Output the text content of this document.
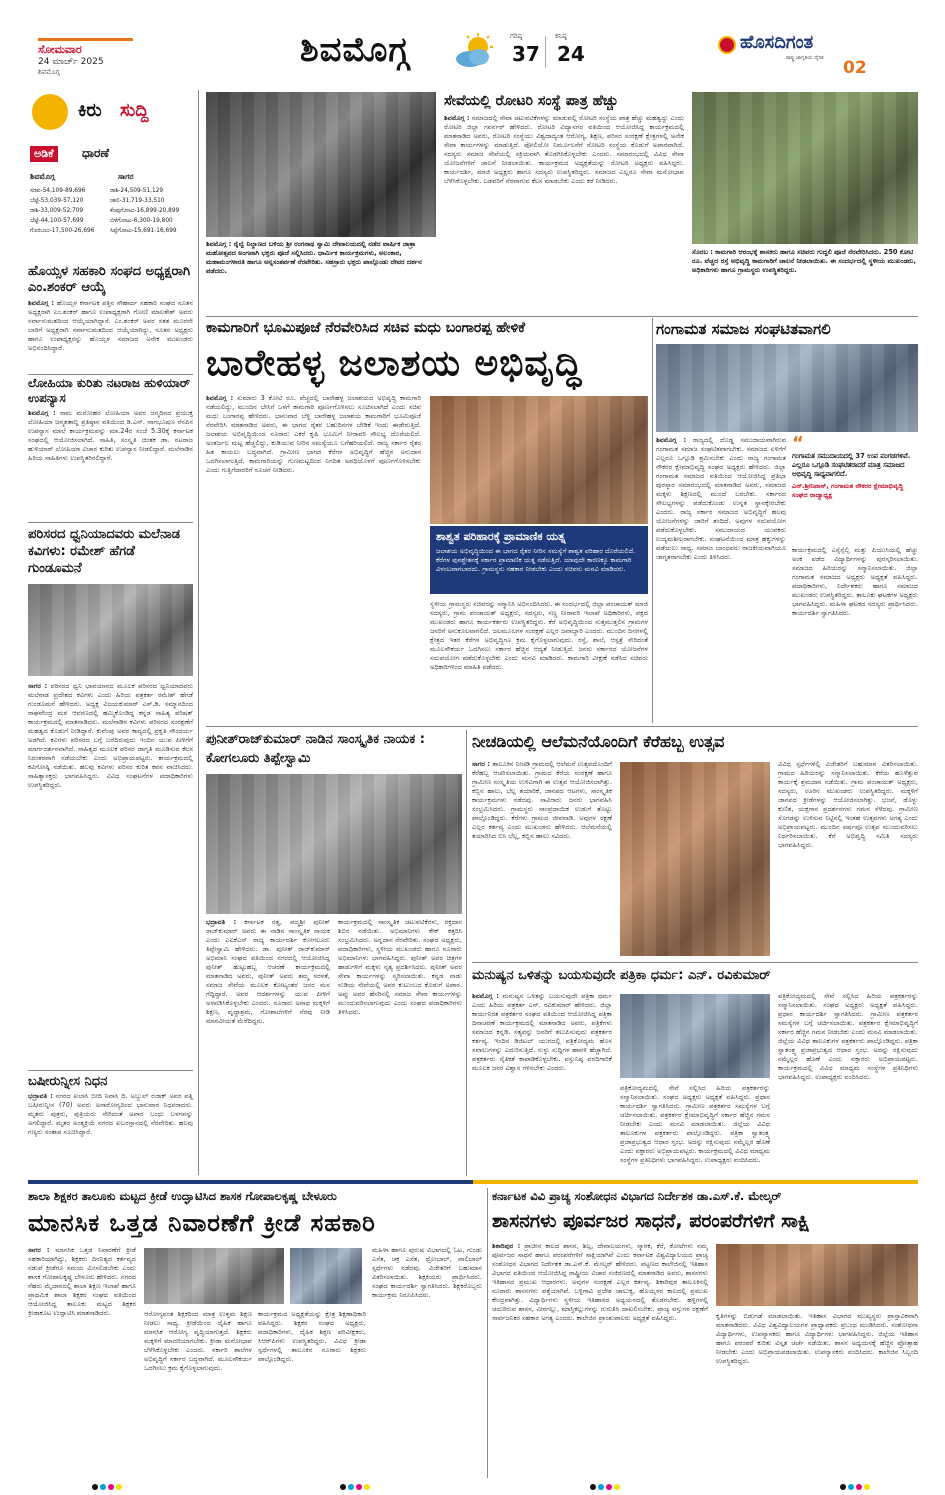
ಸೋಮವಾರ
24 ಮಾರ್ಚ್ 2025
ಶಿವಮೊಗ್ಗ
ಶಿವಮೊಗ್ಗ	ಗರಿಷ್ಠ
37
ಕನಿಷ್ಠ
24	ಹೊಸದಿಗಂತ
ರಾಷ್ಟ್ರ ಜಾಗೃತಿಯ ದೈನಿಕ 02
ಕಿರು ಸುದ್ದಿ
ಅಡಿಕೆ	ಧಾರಣೆ
ಶಿವಮೊಗ್ಗ	ಸಾಗರ
ಸರಕು-54,109-89,696	ರಾಶಿ-24,509-51,129
ಬೆಟ್ಟೆ-53,039-57,120	ಚಾಲಿ-31,719-33,510
ರಾಶಿ-33,009-52,709	ಕೆಂಪುಗೋಟು-16,899-20,899
ಬೆಟ್ಟೆ-44,100-57,699	ಬಿಳೆಗೋಟು-6,300-19,800
ಗೊರಬಲು-17,500-26,696	ಸಿಪ್ಪೆಗೋಟು-15,691-16,699
ಹೊಯ್ಸಳ ಸಹಕಾರಿ ಸಂಘದ ಅಧ್ಯಕ್ಷರಾಗಿ ಎಂ.ಶಂಕರ್ ಆಯ್ಕೆ
ಶಿವಮೊಗ್ಗ : ಹೊಯ್ಸಳ ಕರ್ನಾಟಕ ಪತ್ತಿನ ಸೌಹಾರ್ದ ಸಹಕಾರಿ ಸಂಘದ ನೂತನ ಅಧ್ಯಕ್ಷರಾಗಿ ಎಂ.ಶಂಕರ್ ಹಾಗೂ ಉಪಾಧ್ಯಕ್ಷರಾಗಿ ಗೋಣಿ ಮಾಲತೇಶ್ ಅವರು ಸರ್ವಾನುಮತದಿಂದ ಆಯ್ಕೆಯಾಗಿದ್ದಾರೆ. ಎಂ.ಶಂಕರ್ ಅವರ ಸತತ ಮೂರನೇ ಬಾರಿಗೆ ಅಧ್ಯಕ್ಷರಾಗಿ ಸರ್ವಾನುಮತದಿಂದ ಆಯ್ಕೆಯಾಗಿದ್ದು, ನೂತನ ಅಧ್ಯಕ್ಷರು ಹಾಗೂ ಉಪಾಧ್ಯಕ್ಷರನ್ನು ಹೊಯ್ಸಳ ಸಮಾಜದ ಅನೇಕ ಮುಖಂಡರು ಅಭಿನಂದಿಸಿದ್ದಾರೆ.
ಲೋಹಿಯಾ ಕುರಿತು ನಟರಾಜ ಹುಳಿಯಾರ್ ಉಪನ್ಯಾಸ
ಶಿವಮೊಗ್ಗ : ರಾಮ ಮನೋಹರ ಲೋಹಿಯಾ ಅವರ ಜನ್ಮದಿನದ ಪ್ರಯುಕ್ತ ಲೋಹಿಯಾ ಜನ್ಮಶತಾಬ್ದಿ ಪ್ರತಿಷ್ಠಾನ ವತಿಯಿಂದ ಡಿ.ಎನ್. ನಾಗಭೂಷಣ ನೆನಪಿನ ಉಪನ್ಯಾಸ ಮಾಲೆ ಕಾರ್ಯಕ್ರಮವನ್ನು ಮಾ.24ರ ಸಂಜೆ 5.30ಕ್ಕೆ ಕರ್ನಾಟಕ ಸಂಘದಲ್ಲಿ ಆಯೋಜಿಸಲಾಗಿದೆ. ಸಾಹಿತಿ, ಸಂಸ್ಕೃತಿ ಚಿಂತಕ ಡಾ. ನಟರಾಜ ಹುಳಿಯಾರ್ ಲೋಹಿಯಾ ವಿಚಾರ ಕುರಿತು ಉಪನ್ಯಾಸ ನೀಡಲಿದ್ದಾರೆ. ಮಲೆನಾಡಿನ ಹಿರಿಯ ಸಾಹಿತಿಗಳು ಉಪಸ್ಥಿತರಿರಲಿದ್ದಾರೆ.
ಪರಿಸರದ ಧ್ವನಿಯಾದವರು ಮಲೆನಾಡ ಕವಿಗಳು: ರಮೇಶ್ ಹೆಗಡೆ ಗುಂಡೂಮನೆ
ಸಾಗರ : ಪರಿಸರದ ಧ್ವನಿ ಭಾವಯಾನದ ಮೂಲಕ ಪರಿಸರದ ಧ್ವನಿಯಾದವರು ಮಲೆನಾಡ ಪ್ರದೇಶದ ಕವಿಗಳು ಎಂದು ಹಿರಿಯ ಪತ್ರಕರ್ತ ರಮೇಶ್ ಹೆಗಡೆ ಗುಂಡೂಮನೆ ಹೇಳಿದರು. ಅಧ್ಯಕ್ಷ ವಿಜಯಕುಮಾರ್ ಎಸ್.ಡಿ. ಸಮ್ಮಾನದಿಂದ ರಾಘವೇಂದ್ರ ಮಠ ಆವರಣದಲ್ಲಿ ಹಮ್ಮಿಕೊಂಡಿದ್ದ ಕನ್ನಡ ಸಾಹಿತ್ಯ ಪರಿಷತ್ ಕಾರ್ಯಕ್ರಮದಲ್ಲಿ ಮಾತನಾಡಿದರು. ಮಲೆನಾಡಿನ ಕವಿಗಳು ಪರಿಸರದ ಸಂರಕ್ಷಣೆಗೆ ಮಹತ್ವದ ಕೊಡುಗೆ ನೀಡಿದ್ದಾರೆ. ಕುವೆಂಪು ಅವರ ಕಾವ್ಯದಲ್ಲಿ ಪ್ರಕೃತಿ ಸೌಂದರ್ಯ ಅಡಗಿದೆ. ಕವಿಗಳು ಪರಿಸರದ ಬಗ್ಗೆ ಬರೆದಿರುವುದು ಇಂದಿನ ಯುವ ಪೀಳಿಗೆಗೆ ಮಾರ್ಗದರ್ಶನವಾಗಿದೆ. ಸಾಹಿತ್ಯದ ಮೂಲಕ ಪರಿಸರ ಜಾಗೃತಿ ಮೂಡಿಸುವ ಕೆಲಸ ನಿರಂತರವಾಗಿ ನಡೆಯಬೇಕು ಎಂದು ಅಭಿಪ್ರಾಯಪಟ್ಟರು. ಕಾರ್ಯಕ್ರಮದಲ್ಲಿ ಕವಿಗೋಷ್ಠಿ ನಡೆಯಿತು. ಹಲವು ಕವಿಗಳು ಪರಿಸರ ಕುರಿತ ಕವನ ವಾಚಿಸಿದರು. ಸಾಹಿತ್ಯಾಸಕ್ತರು ಭಾಗವಹಿಸಿದ್ದರು. ವಿವಿಧ ಸಂಘಟನೆಗಳ ಪದಾಧಿಕಾರಿಗಳು ಉಪಸ್ಥಿತರಿದ್ದರು.
ಬಷೀರುನ್ನೀಸ ನಿಧನ
ಭದ್ರಾವತಿ : ನಗರದ ಖಲಾಸಿ ಬೀದಿ ನಿವಾಸಿ ದಿ. ಅಬ್ದುಲ್ ರಜಾಕ್ ಅವರ ಪತ್ನಿ ಬಷೀರುನ್ನೀಸ (70) ಅವರು ಅನಾರೋಗ್ಯದಿಂದ ಭಾನುವಾರ ನಿಧನರಾದರು. ಮೃತರು ಪುತ್ರರು, ಪುತ್ರಿಯರು ಸೇರಿದಂತೆ ಅಪಾರ ಬಂಧು ಬಳಗವನ್ನು ಅಗಲಿದ್ದಾರೆ. ಮೃತರ ಅಂತ್ಯಕ್ರಿಯೆ ನಗರದ ಖಬರಸ್ತಾನದಲ್ಲಿ ನೆರವೇರಿತು. ಹಲವು ಗಣ್ಯರು ಸಂತಾಪ ಸೂಚಿಸಿದ್ದಾರೆ.
ಶಿವಮೊಗ್ಗ : ರೈಲ್ವೆ ನಿಲ್ದಾಣದ ಬಳಿಯ ಶ್ರೀ ರಂಗನಾಥ ಸ್ವಾಮಿ ದೇವಾಲಯದಲ್ಲಿ ನಡೆದ ವಾರ್ಷಿಕ ಜಾತ್ರಾ ಮಹೋತ್ಸವದ ಅಂಗವಾಗಿ ಭಕ್ತರು ಪೂಜೆ ಸಲ್ಲಿಸಿದರು. ಧಾರ್ಮಿಕ ಕಾರ್ಯಕ್ರಮಗಳು, ಅಲಂಕಾರ, ಮಹಾಮಂಗಳಾರತಿ ಹಾಗೂ ಅನ್ನಸಂತರ್ಪಣೆ ನೆರವೇರಿತು. ಸಹಸ್ರಾರು ಭಕ್ತರು ಪಾಲ್ಗೊಂಡು ದೇವರ ದರ್ಶನ ಪಡೆದರು.
ಸೇವೆಯಲ್ಲಿ ರೋಟರಿ ಸಂಸ್ಥೆ ಪಾತ್ರ ಹೆಚ್ಚು
ಶಿವಮೊಗ್ಗ : ಸಮಾಜದಲ್ಲಿ ಸೇವಾ ಚಟುವಟಿಕೆಗಳನ್ನು ಮಾಡುವಲ್ಲಿ ರೋಟರಿ ಸಂಸ್ಥೆಯ ಪಾತ್ರ ಹೆಚ್ಚು ಮಹತ್ವದ್ದು ಎಂದು ರೋಟರಿ ಜಿಲ್ಲಾ ಗವರ್ನರ್ ಹೇಳಿದರು. ರೋಟರಿ ವಿದ್ಯಾನಗರ ವತಿಯಿಂದ ಆಯೋಜಿಸಿದ್ದ ಕಾರ್ಯಕ್ರಮದಲ್ಲಿ ಮಾತನಾಡಿದ ಅವರು, ರೋಟರಿ ಸಂಸ್ಥೆಯು ವಿಶ್ವದಾದ್ಯಂತ ಆರೋಗ್ಯ, ಶಿಕ್ಷಣ, ಪರಿಸರ ಸಂರಕ್ಷಣೆ ಕ್ಷೇತ್ರಗಳಲ್ಲಿ ಅನೇಕ ಸೇವಾ ಕಾರ್ಯಗಳನ್ನು ಮಾಡುತ್ತಿದೆ. ಪೋಲಿಯೋ ನಿರ್ಮೂಲನೆಗೆ ರೋಟರಿ ಸಂಸ್ಥೆಯ ಕೊಡುಗೆ ಅಪಾರವಾಗಿದೆ. ಸದಸ್ಯರು ಸಮಾಜ ಸೇವೆಯಲ್ಲಿ ಸಕ್ರಿಯವಾಗಿ ತೊಡಗಿಸಿಕೊಳ್ಳಬೇಕು ಎಂದರು. ಸಮಾರಂಭದಲ್ಲಿ ವಿವಿಧ ಸೇವಾ ಯೋಜನೆಗಳಿಗೆ ಚಾಲನೆ ನೀಡಲಾಯಿತು. ಕಾರ್ಯಕ್ರಮದ ಅಧ್ಯಕ್ಷತೆಯನ್ನು ರೋಟರಿ ಅಧ್ಯಕ್ಷರು ವಹಿಸಿದ್ದರು. ಕಾರ್ಯದರ್ಶಿ, ಮಾಜಿ ಅಧ್ಯಕ್ಷರು ಹಾಗೂ ಸದಸ್ಯರು ಉಪಸ್ಥಿತರಿದ್ದರು. ಸಮಾಜದ ಎಲ್ಲರೂ ಸೇವಾ ಮನೋಭಾವ ಬೆಳೆಸಿಕೊಳ್ಳಬೇಕು. ಬಡವರಿಗೆ ನೆರವಾಗುವ ಕೆಲಸ ಮಾಡಬೇಕು ಎಂದು ಕರೆ ನೀಡಿದರು.
ಸೊರಬ : ಕಾಮಗಾರಿ ಆರಂಭಕ್ಕೆ ಶಾಸಕರು ಹಾಗೂ ಸಚಿವರು ಗುದ್ದಲಿ ಪೂಜೆ ನೆರವೇರಿಸಿದರು. 250 ಕೋಟಿ ರೂ. ವೆಚ್ಚದ ರಸ್ತೆ ಅಭಿವೃದ್ಧಿ ಕಾಮಗಾರಿಗೆ ಚಾಲನೆ ನೀಡಲಾಯಿತು. ಈ ಸಂದರ್ಭದಲ್ಲಿ ಸ್ಥಳೀಯ ಮುಖಂಡರು, ಅಧಿಕಾರಿಗಳು ಹಾಗೂ ಗ್ರಾಮಸ್ಥರು ಉಪಸ್ಥಿತರಿದ್ದರು.
ಕಾಮಗಾರಿಗೆ ಭೂಮಿಪೂಜೆ ನೆರವೇರಿಸಿದ ಸಚಿವ ಮಧು ಬಂಗಾರಪ್ಪ ಹೇಳಿಕೆ
ಬಾರೇಹಳ್ಳ ಜಲಾಶಯ ಅಭಿವೃದ್ಧಿ
ಶಿವಮೊಗ್ಗ : ಸುಮಾರು 3 ಕೋಟಿ ರೂ. ವೆಚ್ಚದಲ್ಲಿ ಬಾರೇಹಳ್ಳ ಜಲಾಶಯದ ಅಭಿವೃದ್ಧಿ ಕಾಮಗಾರಿ ನಡೆಯಲಿದ್ದು, ಮುಂದಿನ ಬೇಸಿಗೆ ಒಳಗೆ ಕಾಮಗಾರಿ ಪೂರ್ಣಗೊಳಿಸಲು ಸೂಚಿಸಲಾಗಿದೆ ಎಂದು ಸಚಿವ ಮಧು ಬಂಗಾರಪ್ಪ ಹೇಳಿದರು. ಭಾನುವಾರ ಬೆಳ್ಳಿ ಬಾರೇಹಳ್ಳ ಜಲಾಶಯ ಕಾಮಗಾರಿಗೆ ಭೂಮಿಪೂಜೆ ನೆರವೇರಿಸಿ ಮಾತನಾಡಿದ ಅವರು, ಈ ಭಾಗದ ರೈತರ ಬಹುದಿನಗಳ ಬೇಡಿಕೆ ಇಂದು ಈಡೇರುತ್ತಿದೆ. ಜಲಾಶಯ ಅಭಿವೃದ್ಧಿಯಿಂದ ನೂರಾರು ಎಕರೆ ಕೃಷಿ ಭೂಮಿಗೆ ನೀರಾವರಿ ಸೌಲಭ್ಯ ದೊರೆಯಲಿದೆ. ಅಂತರ್ಜಲ ಮಟ್ಟ ಹೆಚ್ಚಲಿದ್ದು, ಕುಡಿಯುವ ನೀರಿನ ಸಮಸ್ಯೆಯೂ ಬಗೆಹರಿಯಲಿದೆ. ರಾಜ್ಯ ಸರ್ಕಾರ ರೈತರ ಹಿತ ಕಾಯಲು ಬದ್ಧವಾಗಿದೆ. ಗ್ರಾಮೀಣ ಭಾಗದ ಕೆರೆಗಳ ಅಭಿವೃದ್ಧಿಗೆ ಹೆಚ್ಚಿನ ಅನುದಾನ ಒದಗಿಸಲಾಗುತ್ತಿದೆ. ಕಾಮಗಾರಿಯನ್ನು ಗುಣಮಟ್ಟದಿಂದ ನಿಗದಿತ ಅವಧಿಯೊಳಗೆ ಪೂರ್ಣಗೊಳಿಸಬೇಕು ಎಂದು ಗುತ್ತಿಗೆದಾರರಿಗೆ ಸೂಚನೆ ನೀಡಿದರು.
ಶಾಶ್ವತ ಪರಿಹಾರಕ್ಕೆ ಪ್ರಾಮಾಣಿಕ ಯತ್ನ
ಜಲಾಶಯ ಅಭಿವೃದ್ಧಿಯಿಂದ ಈ ಭಾಗದ ರೈತರ ನೀರಿನ ಸಮಸ್ಯೆಗೆ ಶಾಶ್ವತ ಪರಿಹಾರ ದೊರೆಯಲಿದೆ. ಕೆರೆಗಳ ಪುನಶ್ಚೇತನಕ್ಕೆ ಸರ್ಕಾರ ಪ್ರಾಮಾಣಿಕ ಯತ್ನ ನಡೆಸುತ್ತಿದೆ. ಯಾವುದೇ ಕಾರಣಕ್ಕೂ ಕಾಮಗಾರಿ ವಿಳಂಬವಾಗಬಾರದು. ಗ್ರಾಮಸ್ಥರು ಸಹಕಾರ ನೀಡಬೇಕು ಎಂದು ಸಚಿವರು ಮನವಿ ಮಾಡಿದರು.
ಸ್ಥಳೀಯ ಗ್ರಾಮಸ್ಥರು ಸಚಿವರನ್ನು ಸನ್ಮಾನಿಸಿ ಅಭಿನಂದಿಸಿದರು. ಈ ಸಂದರ್ಭದಲ್ಲಿ ಜಿಲ್ಲಾ ಪಂಚಾಯತ್ ಮಾಜಿ ಸದಸ್ಯರು, ಗ್ರಾಮ ಪಂಚಾಯತ್ ಅಧ್ಯಕ್ಷರು, ಸದಸ್ಯರು, ಸಣ್ಣ ನೀರಾವರಿ ಇಲಾಖೆ ಅಧಿಕಾರಿಗಳು, ಪಕ್ಷದ ಮುಖಂಡರು ಹಾಗೂ ಕಾರ್ಯಕರ್ತರು ಉಪಸ್ಥಿತರಿದ್ದರು. ಕೆರೆ ಅಭಿವೃದ್ಧಿಯಿಂದ ಸುತ್ತಮುತ್ತಲಿನ ಗ್ರಾಮಗಳ ಜನರಿಗೆ ಅನುಕೂಲವಾಗಲಿದೆ. ಜಲಮೂಲಗಳ ಸಂರಕ್ಷಣೆ ಎಲ್ಲರ ಜವಾಬ್ದಾರಿ ಎಂದರು. ಮುಂದಿನ ದಿನಗಳಲ್ಲಿ ಕ್ಷೇತ್ರದ ಇತರ ಕೆರೆಗಳ ಅಭಿವೃದ್ಧಿಗೂ ಕ್ರಮ ಕೈಗೊಳ್ಳಲಾಗುವುದು. ರಸ್ತೆ, ಶಾಲೆ, ಆಸ್ಪತ್ರೆ ಸೇರಿದಂತೆ ಮೂಲಸೌಕರ್ಯ ಒದಗಿಸಲು ಸರ್ಕಾರ ಹೆಚ್ಚಿನ ಆದ್ಯತೆ ನೀಡುತ್ತಿದೆ. ಜನರು ಸರ್ಕಾರದ ಯೋಜನೆಗಳ ಸದುಪಯೋಗ ಪಡೆದುಕೊಳ್ಳಬೇಕು ಎಂದು ಮನವಿ ಮಾಡಿದರು. ಕಾಮಗಾರಿ ವೀಕ್ಷಣೆ ನಡೆಸಿದ ಸಚಿವರು ಅಧಿಕಾರಿಗಳಿಂದ ಮಾಹಿತಿ ಪಡೆದರು.
ಗಂಗಾಮತ ಸಮಾಜ ಸಂಘಟಿತವಾಗಲಿ
ಶಿವಮೊಗ್ಗ : ರಾಜ್ಯದಲ್ಲಿ ದೊಡ್ಡ ಸಮುದಾಯವಾಗಿರುವ ಗಂಗಾಮತ ಸಮಾಜ ಸಂಘಟಿತವಾಗಬೇಕು. ಸಮಾಜದ ಏಳಿಗೆಗೆ ಎಲ್ಲರೂ ಒಗ್ಗೂಡಿ ಶ್ರಮಿಸಬೇಕು ಎಂದು ರಾಜ್ಯ ಗಂಗಾಮತ ನೌಕರರ ಕ್ಷೇಮಾಭಿವೃದ್ಧಿ ಸಂಘದ ಅಧ್ಯಕ್ಷರು ಹೇಳಿದರು. ಜಿಲ್ಲಾ ಗಂಗಾಮತ ಸಮಾಜದ ವತಿಯಿಂದ ಆಯೋಜಿಸಿದ್ದ ಪ್ರತಿಭಾ ಪುರಸ್ಕಾರ ಸಮಾರಂಭದಲ್ಲಿ ಮಾತನಾಡಿದ ಅವರು, ಸಮಾಜದ ಮಕ್ಕಳು ಶಿಕ್ಷಣದಲ್ಲಿ ಮುಂದೆ ಬರಬೇಕು. ಸರ್ಕಾರದ ಸೌಲಭ್ಯಗಳನ್ನು ಪಡೆದುಕೊಂಡು ಉನ್ನತ ಸ್ಥಾನಕ್ಕೇರಬೇಕು ಎಂದರು. ರಾಜ್ಯ ಸರ್ಕಾರ ಸಮಾಜದ ಅಭಿವೃದ್ಧಿಗೆ ಹಲವು ಯೋಜನೆಗಳನ್ನು ಜಾರಿಗೆ ತಂದಿದೆ. ಅವುಗಳ ಸದುಪಯೋಗ ಪಡೆದುಕೊಳ್ಳಬೇಕು. ಸಮುದಾಯದ ಯುವಕರು ಉದ್ಯಮಶೀಲರಾಗಬೇಕು. ಸಂಘಟನೆಯಿಂದ ಮಾತ್ರ ಹಕ್ಕುಗಳನ್ನು ಪಡೆಯಲು ಸಾಧ್ಯ. ಸಮಾಜ ಬಾಂಧವರು ರಾಜಕೀಯವಾಗಿಯೂ ಜಾಗೃತರಾಗಬೇಕು ಎಂದು ತಿಳಿಸಿದರು.
“
ಗಂಗಾಮತ ಸಮುದಾಯದಲ್ಲಿ 37 ಉಪ ಪಂಗಡಗಳಿವೆ. ಎಲ್ಲರೂ ಒಗ್ಗೂಡಿ ಸಂಘಟಿತರಾದರೆ ಮಾತ್ರ ಸಮಾಜದ ಅಭಿವೃದ್ಧಿ ಸಾಧ್ಯವಾಗಲಿದೆ.
ಎನ್.ಶ್ರೀನಿವಾಸ್, ಗಂಗಾಮತ ನೌಕರರ ಕ್ಷೇಮಾಭಿವೃದ್ಧಿ ಸಂಘದ ರಾಜ್ಯಾಧ್ಯಕ್ಷ
ಕಾರ್ಯಕ್ರಮದಲ್ಲಿ ಎಸ್ಸೆಸ್ಸೆಲ್ಸಿ ಮತ್ತು ಪಿಯುಸಿಯಲ್ಲಿ ಹೆಚ್ಚು ಅಂಕ ಪಡೆದ ವಿದ್ಯಾರ್ಥಿಗಳನ್ನು ಪುರಸ್ಕರಿಸಲಾಯಿತು. ಸಮಾಜದ ಹಿರಿಯರನ್ನು ಸನ್ಮಾನಿಸಲಾಯಿತು. ಜಿಲ್ಲಾ ಗಂಗಾಮತ ಸಮಾಜದ ಅಧ್ಯಕ್ಷರು ಅಧ್ಯಕ್ಷತೆ ವಹಿಸಿದ್ದರು. ಪದಾಧಿಕಾರಿಗಳು, ನಿರ್ದೇಶಕರು ಹಾಗೂ ಸಮಾಜದ ಮುಖಂಡರು ಉಪಸ್ಥಿತರಿದ್ದರು. ತಾಲೂಕು ಘಟಕಗಳ ಅಧ್ಯಕ್ಷರು ಭಾಗವಹಿಸಿದ್ದರು. ಮಹಿಳಾ ಘಟಕದ ಸದಸ್ಯರು ಪ್ರಾರ್ಥಿಸಿದರು. ಕಾರ್ಯದರ್ಶಿ ಸ್ವಾಗತಿಸಿದರು.
ಪುನೀತ್‌ರಾಜ್‌ಕುಮಾರ್ ನಾಡಿನ ಸಾಂಸ್ಕೃತಿಕ ನಾಯಕ : ಕೋಗಲೂರು ತಿಪ್ಪೇಸ್ವಾಮಿ
ಭದ್ರಾವತಿ : ಕರ್ನಾಟಕ ರತ್ನ, ಪದ್ಮಶ್ರೀ ಪುನೀತ್ ರಾಜ್‌ಕುಮಾರ್ ಅವರು ಈ ನಾಡಿನ ಸಾಂಸ್ಕೃತಿಕ ನಾಯಕ ಎಂದು ಎಐಕೆಎಸ್ ರಾಜ್ಯ ಕಾರ್ಯದರ್ಶಿ ಕೋಗಲೂರು ತಿಪ್ಪೇಸ್ವಾಮಿ ಹೇಳಿದರು. ಡಾ. ಪುನೀತ್ ರಾಜ್‌ಕುಮಾರ್ ಅಭಿಮಾನಿ ಸಂಘದ ವತಿಯಿಂದ ನಗರದಲ್ಲಿ ಆಯೋಜಿಸಿದ್ದ ಪುನೀತ್ ಹುಟ್ಟುಹಬ್ಬ ಆಚರಣೆ ಕಾರ್ಯಕ್ರಮದಲ್ಲಿ ಮಾತನಾಡಿದ ಅವರು, ಪುನೀತ್ ಅವರು ತಮ್ಮ ಸರಳತೆ, ಸಮಾಜ ಸೇವೆಯ ಮೂಲಕ ಕೋಟ್ಯಂತರ ಜನರ ಮನ ಗೆದ್ದಿದ್ದಾರೆ. ಅವರ ಆದರ್ಶಗಳನ್ನು ಯುವ ಪೀಳಿಗೆ ಅಳವಡಿಸಿಕೊಳ್ಳಬೇಕು ಎಂದರು. ನೂರಾರು ಅನಾಥ ಮಕ್ಕಳಿಗೆ ಶಿಕ್ಷಣ, ವೃದ್ಧಾಶ್ರಮ, ಗೋಶಾಲೆಗಳಿಗೆ ನೆರವು ನೀಡಿ ಮಾನವೀಯತೆ ಮೆರೆದಿದ್ದರು.
ಕಾರ್ಯಕ್ರಮದಲ್ಲಿ ಸಾಂಸ್ಕೃತಿಕ ಚಟುವಟಿಕೆಗಳು, ರಕ್ತದಾನ ಶಿಬಿರ ನಡೆಯಿತು. ಅಭಿಮಾನಿಗಳು ಕೇಕ್ ಕತ್ತರಿಸಿ ಸಂಭ್ರಮಿಸಿದರು. ಅನ್ನದಾನ ನೆರವೇರಿತು. ಸಂಘದ ಅಧ್ಯಕ್ಷರು, ಪದಾಧಿಕಾರಿಗಳು, ಸ್ಥಳೀಯ ಮುಖಂಡರು ಹಾಗೂ ನೂರಾರು ಅಭಿಮಾನಿಗಳು ಭಾಗವಹಿಸಿದ್ದರು. ಪುನೀತ್ ಅವರ ಚಿತ್ರಗಳ ಹಾಡುಗಳಿಗೆ ಮಕ್ಕಳು ನೃತ್ಯ ಪ್ರದರ್ಶಿಸಿದರು. ಪುನೀತ್ ಅವರ ಸೇವಾ ಕಾರ್ಯಗಳನ್ನು ಸ್ಮರಿಸಲಾಯಿತು. ಕನ್ನಡ ನಾಡು ನುಡಿಯ ಸೇವೆಯಲ್ಲಿ ಅವರ ಕುಟುಂಬದ ಕೊಡುಗೆ ಅಪಾರ. ಅಪ್ಪು ಅವರ ಹೆಸರಿನಲ್ಲಿ ಸಮಾಜ ಸೇವಾ ಕಾರ್ಯಗಳನ್ನು ಮುಂದುವರಿಸಲಾಗುವುದು ಎಂದು ಸಂಘದ ಪದಾಧಿಕಾರಿಗಳು ತಿಳಿಸಿದರು.
ನೀಚಡಿಯಲ್ಲಿ ಆಲೆಮನೆಯೊಂದಿಗೆ ಕೆರೆಹಬ್ಬ ಉತ್ಸವ
ಸಾಗರ : ತಾಲೂಕಿನ ನೀಚಡಿ ಗ್ರಾಮದಲ್ಲಿ ಆಲೆಮನೆ ಉತ್ಸವದೊಂದಿಗೆ ಕೆರೆಹಬ್ಬ ಆಚರಿಸಲಾಯಿತು. ಗ್ರಾಮದ ಕೆರೆಯ ಸಂರಕ್ಷಣೆ ಹಾಗೂ ಗ್ರಾಮೀಣ ಸಂಸ್ಕೃತಿಯ ಉಳಿವಿಗಾಗಿ ಈ ಉತ್ಸವ ಆಯೋಜಿಸಲಾಗಿತ್ತು. ಕಬ್ಬಿನ ಹಾಲು, ಬೆಲ್ಲ ತಯಾರಿಕೆ, ಜಾನಪದ ಆಟಗಳು, ಸಾಂಸ್ಕೃತಿಕ ಕಾರ್ಯಕ್ರಮಗಳು ನಡೆದವು. ಸಾವಿರಾರು ಜನರು ಭಾಗವಹಿಸಿ ಸಂಭ್ರಮಿಸಿದರು. ಗ್ರಾಮಸ್ಥರು ಸಾಂಪ್ರದಾಯಿಕ ಉಡುಗೆ ತೊಟ್ಟು ಪಾಲ್ಗೊಂಡಿದ್ದರು. ಕೆರೆಗಳು ಗ್ರಾಮದ ಜೀವನಾಡಿ. ಅವುಗಳ ರಕ್ಷಣೆ ಎಲ್ಲರ ಕರ್ತವ್ಯ ಎಂದು ಮುಖಂಡರು ಹೇಳಿದರು. ಆಲೆಮನೆಯಲ್ಲಿ ತಯಾರಿಸಿದ ಬಿಸಿ ಬೆಲ್ಲ, ಕಬ್ಬಿನ ಹಾಲು ಸವಿದರು.
ವಿವಿಧ ಸ್ಪರ್ಧೆಗಳಲ್ಲಿ ವಿಜೇತರಿಗೆ ಬಹುಮಾನ ವಿತರಿಸಲಾಯಿತು. ಗ್ರಾಮದ ಹಿರಿಯರನ್ನು ಸನ್ಮಾನಿಸಲಾಯಿತು. ಕೆರೆಯ ಹೂಳೆತ್ತುವ ಕಾರ್ಯಕ್ಕೆ ಶ್ರಮದಾನ ನಡೆಯಿತು. ಗ್ರಾಮ ಪಂಚಾಯತ್ ಅಧ್ಯಕ್ಷರು, ಸದಸ್ಯರು, ಊರಿನ ಮುಖಂಡರು ಉಪಸ್ಥಿತರಿದ್ದರು. ಮಕ್ಕಳಿಗೆ ಜಾನಪದ ಕ್ರೀಡೆಗಳನ್ನು ಆಯೋಜಿಸಲಾಗಿತ್ತು. ಭಜನೆ, ಡೊಳ್ಳು ಕುಣಿತ, ಯಕ್ಷಗಾನ ಪ್ರದರ್ಶನಗಳು ಗಮನ ಸೆಳೆದವು. ಗ್ರಾಮೀಣ ಸೊಗಡನ್ನು ಉಳಿಸುವ ನಿಟ್ಟಿನಲ್ಲಿ ಇಂತಹ ಉತ್ಸವಗಳು ಅಗತ್ಯ ಎಂದು ಅಭಿಪ್ರಾಯಪಟ್ಟರು. ಮುಂದಿನ ವರ್ಷವೂ ಉತ್ಸವ ಮುಂದುವರಿಸಲು ನಿರ್ಧರಿಸಲಾಯಿತು. ಕೆರೆ ಅಭಿವೃದ್ಧಿ ಸಮಿತಿ ಸದಸ್ಯರು ಭಾಗವಹಿಸಿದ್ದರು.
ಮನುಷ್ಯನ ಒಳಿತನ್ನು ಬಯಸುವುದೇ ಪತ್ರಿಕಾ ಧರ್ಮ: ಎನ್. ರವಿಕುಮಾರ್
ಶಿವಮೊಗ್ಗ : ಮನುಷ್ಯನ ಒಳಿತನ್ನು ಬಯಸುವುದೇ ಪತ್ರಿಕಾ ಧರ್ಮ ಎಂದು ಹಿರಿಯ ಪತ್ರಕರ್ತ ಎನ್. ರವಿಕುಮಾರ್ ಹೇಳಿದರು. ಜಿಲ್ಲಾ ಕಾರ್ಯನಿರತ ಪತ್ರಕರ್ತರ ಸಂಘದ ವತಿಯಿಂದ ಆಯೋಜಿಸಿದ್ದ ಪತ್ರಿಕಾ ದಿನಾಚರಣೆ ಕಾರ್ಯಕ್ರಮದಲ್ಲಿ ಮಾತನಾಡಿದ ಅವರು, ಪತ್ರಿಕೆಗಳು ಸಮಾಜದ ಕನ್ನಡಿ. ಸತ್ಯವನ್ನು ಜನರಿಗೆ ತಲುಪಿಸುವುದು ಪತ್ರಕರ್ತರ ಕರ್ತವ್ಯ. ಇಂದಿನ ಡಿಜಿಟಲ್ ಯುಗದಲ್ಲಿ ಪತ್ರಿಕೋದ್ಯಮ ಹೊಸ ಸವಾಲುಗಳನ್ನು ಎದುರಿಸುತ್ತಿದೆ. ಸುಳ್ಳು ಸುದ್ದಿಗಳ ಹಾವಳಿ ಹೆಚ್ಚಾಗಿದೆ. ಪತ್ರಕರ್ತರು ನೈತಿಕತೆ ಕಾಪಾಡಿಕೊಳ್ಳಬೇಕು. ವಸ್ತುನಿಷ್ಠ ವರದಿಗಾರಿಕೆ ಮೂಲಕ ಜನರ ವಿಶ್ವಾಸ ಗಳಿಸಬೇಕು ಎಂದರು.
ಪತ್ರಿಕೋದ್ಯಮದಲ್ಲಿ ಸೇವೆ ಸಲ್ಲಿಸಿದ ಹಿರಿಯ ಪತ್ರಕರ್ತರನ್ನು ಸನ್ಮಾನಿಸಲಾಯಿತು. ಸಂಘದ ಅಧ್ಯಕ್ಷರು ಅಧ್ಯಕ್ಷತೆ ವಹಿಸಿದ್ದರು. ಪ್ರಧಾನ ಕಾರ್ಯದರ್ಶಿ ಸ್ವಾಗತಿಸಿದರು. ಗ್ರಾಮೀಣ ಪತ್ರಕರ್ತರ ಸಮಸ್ಯೆಗಳ ಬಗ್ಗೆ ಚರ್ಚಿಸಲಾಯಿತು. ಪತ್ರಕರ್ತರ ಕ್ಷೇಮಾಭಿವೃದ್ಧಿಗೆ ಸರ್ಕಾರ ಹೆಚ್ಚಿನ ಗಮನ ನೀಡಬೇಕು ಎಂದು ಮನವಿ ಮಾಡಲಾಯಿತು. ಜಿಲ್ಲೆಯ ವಿವಿಧ ತಾಲೂಕುಗಳ ಪತ್ರಕರ್ತರು ಪಾಲ್ಗೊಂಡಿದ್ದರು. ಪತ್ರಿಕಾ ಸ್ವಾತಂತ್ರ್ಯ ಪ್ರಜಾಪ್ರಭುತ್ವದ ಆಧಾರ ಸ್ತಂಭ. ಅದನ್ನು ರಕ್ಷಿಸುವುದು ನಮ್ಮೆಲ್ಲರ ಹೊಣೆ ಎಂದು ವಕ್ತಾರರು ಅಭಿಪ್ರಾಯಪಟ್ಟರು. ಕಾರ್ಯಕ್ರಮದಲ್ಲಿ ವಿವಿಧ ಮಾಧ್ಯಮ ಸಂಸ್ಥೆಗಳ ಪ್ರತಿನಿಧಿಗಳು ಭಾಗವಹಿಸಿದ್ದರು. ಉಪಾಧ್ಯಕ್ಷರು ವಂದಿಸಿದರು.
ಪತ್ರಿಕೋದ್ಯಮದಲ್ಲಿ ಸೇವೆ ಸಲ್ಲಿಸಿದ ಹಿರಿಯ ಪತ್ರಕರ್ತರನ್ನು ಸನ್ಮಾನಿಸಲಾಯಿತು. ಸಂಘದ ಅಧ್ಯಕ್ಷರು ಅಧ್ಯಕ್ಷತೆ ವಹಿಸಿದ್ದರು. ಪ್ರಧಾನ ಕಾರ್ಯದರ್ಶಿ ಸ್ವಾಗತಿಸಿದರು. ಗ್ರಾಮೀಣ ಪತ್ರಕರ್ತರ ಸಮಸ್ಯೆಗಳ ಬಗ್ಗೆ ಚರ್ಚಿಸಲಾಯಿತು. ಪತ್ರಕರ್ತರ ಕ್ಷೇಮಾಭಿವೃದ್ಧಿಗೆ ಸರ್ಕಾರ ಹೆಚ್ಚಿನ ಗಮನ ನೀಡಬೇಕು ಎಂದು ಮನವಿ ಮಾಡಲಾಯಿತು. ಜಿಲ್ಲೆಯ ವಿವಿಧ ತಾಲೂಕುಗಳ ಪತ್ರಕರ್ತರು ಪಾಲ್ಗೊಂಡಿದ್ದರು. ಪತ್ರಿಕಾ ಸ್ವಾತಂತ್ರ್ಯ ಪ್ರಜಾಪ್ರಭುತ್ವದ ಆಧಾರ ಸ್ತಂಭ. ಅದನ್ನು ರಕ್ಷಿಸುವುದು ನಮ್ಮೆಲ್ಲರ ಹೊಣೆ ಎಂದು ವಕ್ತಾರರು ಅಭಿಪ್ರಾಯಪಟ್ಟರು. ಕಾರ್ಯಕ್ರಮದಲ್ಲಿ ವಿವಿಧ ಮಾಧ್ಯಮ ಸಂಸ್ಥೆಗಳ ಪ್ರತಿನಿಧಿಗಳು ಭಾಗವಹಿಸಿದ್ದರು. ಉಪಾಧ್ಯಕ್ಷರು ವಂದಿಸಿದರು.
ಶಾಲಾ ಶಿಕ್ಷಕರ ತಾಲೂಕು ಮಟ್ಟದ ಕ್ರೀಡೆ ಉದ್ಘಾಟಿಸಿದ ಶಾಸಕ ಗೋಪಾಲಕೃಷ್ಣ ಬೇಳೂರು
ಮಾನಸಿಕ ಒತ್ತಡ ನಿವಾರಣೆಗೆ ಕ್ರೀಡೆ ಸಹಕಾರಿ
ಸಾಗರ : ಮಾನಸಿಕ ಒತ್ತಡ ನಿವಾರಣೆಗೆ ಕ್ರೀಡೆ ಸಹಕಾರಿಯಾಗಿದ್ದು, ಶಿಕ್ಷಕರು ದಿನನಿತ್ಯದ ಕರ್ತವ್ಯದ ನಡುವೆ ಕ್ರೀಡೆಗೂ ಸಮಯ ಮೀಸಲಿಡಬೇಕು ಎಂದು ಶಾಸಕ ಗೋಪಾಲಕೃಷ್ಣ ಬೇಳೂರು ಹೇಳಿದರು. ನಗರದ ನೆಹರು ಮೈದಾನದಲ್ಲಿ ಶಾಲಾ ಶಿಕ್ಷಣ ಇಲಾಖೆ ಹಾಗೂ ಪ್ರಾಥಮಿಕ ಶಾಲಾ ಶಿಕ್ಷಕರ ಸಂಘದ ವತಿಯಿಂದ ಆಯೋಜಿಸಿದ್ದ ತಾಲೂಕು ಮಟ್ಟದ ಶಿಕ್ಷಕರ ಕ್ರೀಡಾಕೂಟ ಉದ್ಘಾಟಿಸಿ ಮಾತನಾಡಿದರು.	ಆರೋಗ್ಯವಂತ ಶಿಕ್ಷಕರಿಂದ ಮಾತ್ರ ಉತ್ತಮ ಶಿಕ್ಷಣ ನೀಡಲು ಸಾಧ್ಯ. ಕ್ರೀಡೆಯಿಂದ ದೈಹಿಕ ಹಾಗೂ ಮಾನಸಿಕ ಆರೋಗ್ಯ ವೃದ್ಧಿಯಾಗುತ್ತದೆ. ಶಿಕ್ಷಕರು ಮಕ್ಕಳಿಗೆ ಮಾದರಿಯಾಗಬೇಕು. ಕ್ರೀಡಾ ಮನೋಭಾವ ಬೆಳೆಸಿಕೊಳ್ಳಬೇಕು ಎಂದರು. ಸರ್ಕಾರಿ ಶಾಲೆಗಳ ಅಭಿವೃದ್ಧಿಗೆ ಸರ್ಕಾರ ಬದ್ಧವಾಗಿದೆ. ಮೂಲಸೌಕರ್ಯ ಒದಗಿಸಲು ಕ್ರಮ ಕೈಗೊಳ್ಳಲಾಗುವುದು.
ಕಾರ್ಯಕ್ರಮದ ಅಧ್ಯಕ್ಷತೆಯನ್ನು ಕ್ಷೇತ್ರ ಶಿಕ್ಷಣಾಧಿಕಾರಿ ವಹಿಸಿದ್ದರು. ಶಿಕ್ಷಕರ ಸಂಘದ ಅಧ್ಯಕ್ಷರು, ಪದಾಧಿಕಾರಿಗಳು, ದೈಹಿಕ ಶಿಕ್ಷಣ ಪರಿವೀಕ್ಷಕರು, ಸಿಆರ್‌ಪಿಗಳು ಉಪಸ್ಥಿತರಿದ್ದರು. ವಿವಿಧ ಕ್ರೀಡಾ ಸ್ಪರ್ಧೆಗಳಲ್ಲಿ ತಾಲೂಕಿನ ನೂರಾರು ಶಿಕ್ಷಕರು ಪಾಲ್ಗೊಂಡಿದ್ದರು.
ಮಹಿಳಾ ಹಾಗೂ ಪುರುಷ ವಿಭಾಗದಲ್ಲಿ ಓಟ, ಗುಂಡು ಎಸೆತ, ಚಕ್ರ ಎಸೆತ, ಥ್ರೋಬಾಲ್, ವಾಲಿಬಾಲ್ ಸ್ಪರ್ಧೆಗಳು ನಡೆದವು. ವಿಜೇತರಿಗೆ ಬಹುಮಾನ ವಿತರಿಸಲಾಯಿತು. ಶಿಕ್ಷಕಿಯರು ಪ್ರಾರ್ಥಿಸಿದರು. ಸಂಘದ ಕಾರ್ಯದರ್ಶಿ ಸ್ವಾಗತಿಸಿದರು. ಶಿಕ್ಷಕರೊಬ್ಬರು ಕಾರ್ಯಕ್ರಮ ನಿರೂಪಿಸಿದರು.
ಕರ್ನಾಟಕ ವಿವಿ ಪ್ರಾಚ್ಯ ಸಂಶೋಧನ ವಿಭಾಗದ ನಿರ್ದೇಶಕ ಡಾ.ಎಸ್.ಕೆ. ಮೇಲ್ಕರ್
ಶಾಸನಗಳು ಪೂರ್ವಜರ ಸಾಧನೆ, ಪರಂಪರೆಗಳಿಗೆ ಸಾಕ್ಷಿ
ಶಿಕಾರಿಪುರ : ಪ್ರಾಚೀನ ಕಾಲದ ಶಾಸನ, ಶಿಲ್ಪ, ದೇವಾಲಯಗಳು, ಸ್ಮಾರಕ, ಕೆರೆ, ಕೋಟೆಗಳು ನಮ್ಮ ಪೂರ್ವಜರ ಸಾಧನೆ ಹಾಗೂ ಪರಂಪರೆಗಳಿಗೆ ಸಾಕ್ಷಿಯಾಗಿವೆ ಎಂದು ಕರ್ನಾಟಕ ವಿಶ್ವವಿದ್ಯಾಲಯದ ಪ್ರಾಚ್ಯ ಸಂಶೋಧನ ವಿಭಾಗದ ನಿರ್ದೇಶಕ ಡಾ.ಎಸ್.ಕೆ. ಮೇಲ್ಕರ್ ಹೇಳಿದರು. ಪಟ್ಟಣದ ಕಾಲೇಜಿನಲ್ಲಿ ಇತಿಹಾಸ ವಿಭಾಗದ ವತಿಯಿಂದ ಆಯೋಜಿಸಿದ್ದ ರಾಷ್ಟ್ರೀಯ ವಿಚಾರ ಸಂಕಿರಣದಲ್ಲಿ ಮಾತನಾಡಿದ ಅವರು, ಶಾಸನಗಳು ಇತಿಹಾಸದ ಪ್ರಮುಖ ಆಧಾರಗಳು. ಅವುಗಳ ಸಂರಕ್ಷಣೆ ಎಲ್ಲರ ಕರ್ತವ್ಯ. ಶಿಕಾರಿಪುರ ತಾಲೂಕಿನಲ್ಲಿ ನೂರಾರು ಶಾಸನಗಳು ಪತ್ತೆಯಾಗಿವೆ. ಬಳ್ಳಿಗಾವಿ ಪ್ರದೇಶ ಚಾಲುಕ್ಯ, ಹೊಯ್ಸಳರ ಕಾಲದಲ್ಲಿ ಪ್ರಮುಖ ಕೇಂದ್ರವಾಗಿತ್ತು. ವಿದ್ಯಾರ್ಥಿಗಳು ಸ್ಥಳೀಯ ಇತಿಹಾಸದ ಅಧ್ಯಯನದಲ್ಲಿ ತೊಡಗಬೇಕು. ಹಳ್ಳಿಗಳಲ್ಲಿ ಚದುರಿರುವ ಶಾಸನ, ವೀರಗಲ್ಲು, ಮಾಸ್ತಿಕಲ್ಲುಗಳನ್ನು ಗುರುತಿಸಿ ದಾಖಲಿಸಬೇಕು. ಪ್ರಾಚ್ಯ ವಸ್ತುಗಳ ರಕ್ಷಣೆಗೆ ಸಾರ್ವಜನಿಕರ ಸಹಕಾರ ಅಗತ್ಯ ಎಂದರು. ಕಾಲೇಜಿನ ಪ್ರಾಂಶುಪಾಲರು ಅಧ್ಯಕ್ಷತೆ ವಹಿಸಿದ್ದರು.	ಕೃತಿಗಳನ್ನು ಬಿಡುಗಡೆ ಮಾಡಲಾಯಿತು. ಇತಿಹಾಸ ವಿಭಾಗದ ಮುಖ್ಯಸ್ಥರು ಪ್ರಾಸ್ತಾವಿಕವಾಗಿ ಮಾತನಾಡಿದರು. ವಿವಿಧ ವಿಶ್ವವಿದ್ಯಾಲಯಗಳ ಪ್ರಾಧ್ಯಾಪಕರು ಪ್ರಬಂಧ ಮಂಡಿಸಿದರು. ಸಂಶೋಧನಾ ವಿದ್ಯಾರ್ಥಿಗಳು, ಉಪನ್ಯಾಸಕರು ಹಾಗೂ ವಿದ್ಯಾರ್ಥಿಗಳು ಭಾಗವಹಿಸಿದ್ದರು. ಜಿಲ್ಲೆಯ ಇತಿಹಾಸ ಹಾಗೂ ಪರಂಪರೆ ಕುರಿತು ವಿಸ್ತೃತ ಚರ್ಚೆ ನಡೆಯಿತು. ಶಾಸನ ಅಧ್ಯಯನಕ್ಕೆ ಹೆಚ್ಚಿನ ಪ್ರೋತ್ಸಾಹ ನೀಡಬೇಕು ಎಂದು ಅಭಿಪ್ರಾಯಪಡಲಾಯಿತು. ಉಪನ್ಯಾಸಕರು ವಂದಿಸಿದರು. ಕಾಲೇಜಿನ ಸಿಬ್ಬಂದಿ ಉಪಸ್ಥಿತರಿದ್ದರು.
